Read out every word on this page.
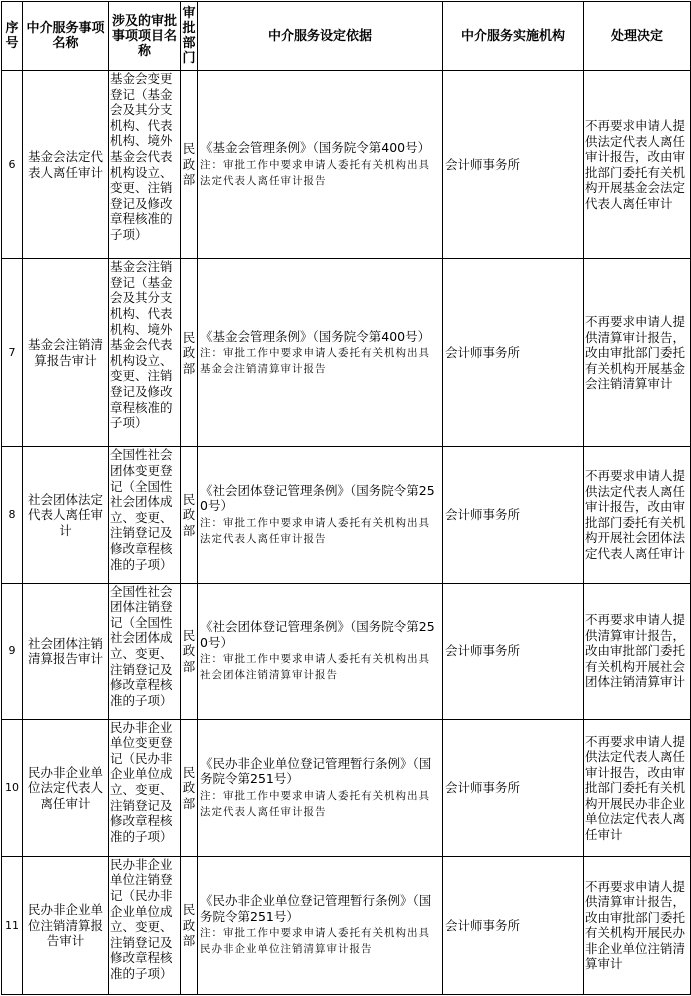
序号	中介服务事项名称	涉及的审批事项项目名称	审批部门	中介服务设定依据	中介服务实施机构	处理决定
6	基金会法定代表人离任审计	基金会变更登记（基金会及其分支机构、代表机构、境外基金会代表机构设立、变更、注销登记及修改章程核准的子项）	民政部	《基金会管理条例》（国务院令第400号）
注：审批工作中要求申请人委托有关机构出具法定代表人离任审计报告	会计师事务所	不再要求申请人提供法定代表人离任审计报告，改由审批部门委托有关机构开展基金会法定代表人离任审计
7	基金会注销清算报告审计	基金会注销登记（基金会及其分支机构、代表机构、境外基金会代表机构设立、变更、注销登记及修改章程核准的子项）	民政部	《基金会管理条例》（国务院令第400号）
注：审批工作中要求申请人委托有关机构出具基金会注销清算审计报告	会计师事务所	不再要求申请人提供清算审计报告，改由审批部门委托有关机构开展基金会注销清算审计
8	社会团体法定代表人离任审计	全国性社会团体变更登记（全国性社会团体成立、变更、注销登记及修改章程核准的子项）	民政部	《社会团体登记管理条例》（国务院令第250号）
注：审批工作中要求申请人委托有关机构出具法定代表人离任审计报告	会计师事务所	不再要求申请人提供法定代表人离任审计报告，改由审批部门委托有关机构开展社会团体法定代表人离任审计
9	社会团体注销清算报告审计	全国性社会团体注销登记（全国性社会团体成立、变更、注销登记及修改章程核准的子项）	民政部	《社会团体登记管理条例》（国务院令第250号）
注：审批工作中要求申请人委托有关机构出具社会团体注销清算审计报告	会计师事务所	不再要求申请人提供清算审计报告，改由审批部门委托有关机构开展社会团体注销清算审计
10	民办非企业单位法定代表人离任审计	民办非企业单位变更登记（民办非企业单位成立、变更、注销登记及修改章程核准的子项）	民政部	《民办非企业单位登记管理暂行条例》（国务院令第251号）
注：审批工作中要求申请人委托有关机构出具法定代表人离任审计报告	会计师事务所	不再要求申请人提供法定代表人离任审计报告，改由审批部门委托有关机构开展民办非企业单位法定代表人离任审计
11	民办非企业单位注销清算报告审计	民办非企业单位注销登记（民办非企业单位成立、变更、注销登记及修改章程核准的子项）	民政部	《民办非企业单位登记管理暂行条例》（国务院令第251号）
注：审批工作中要求申请人委托有关机构出具民办非企业单位注销清算审计报告	会计师事务所	不再要求申请人提供清算审计报告，改由审批部门委托有关机构开展民办非企业单位注销清算审计
